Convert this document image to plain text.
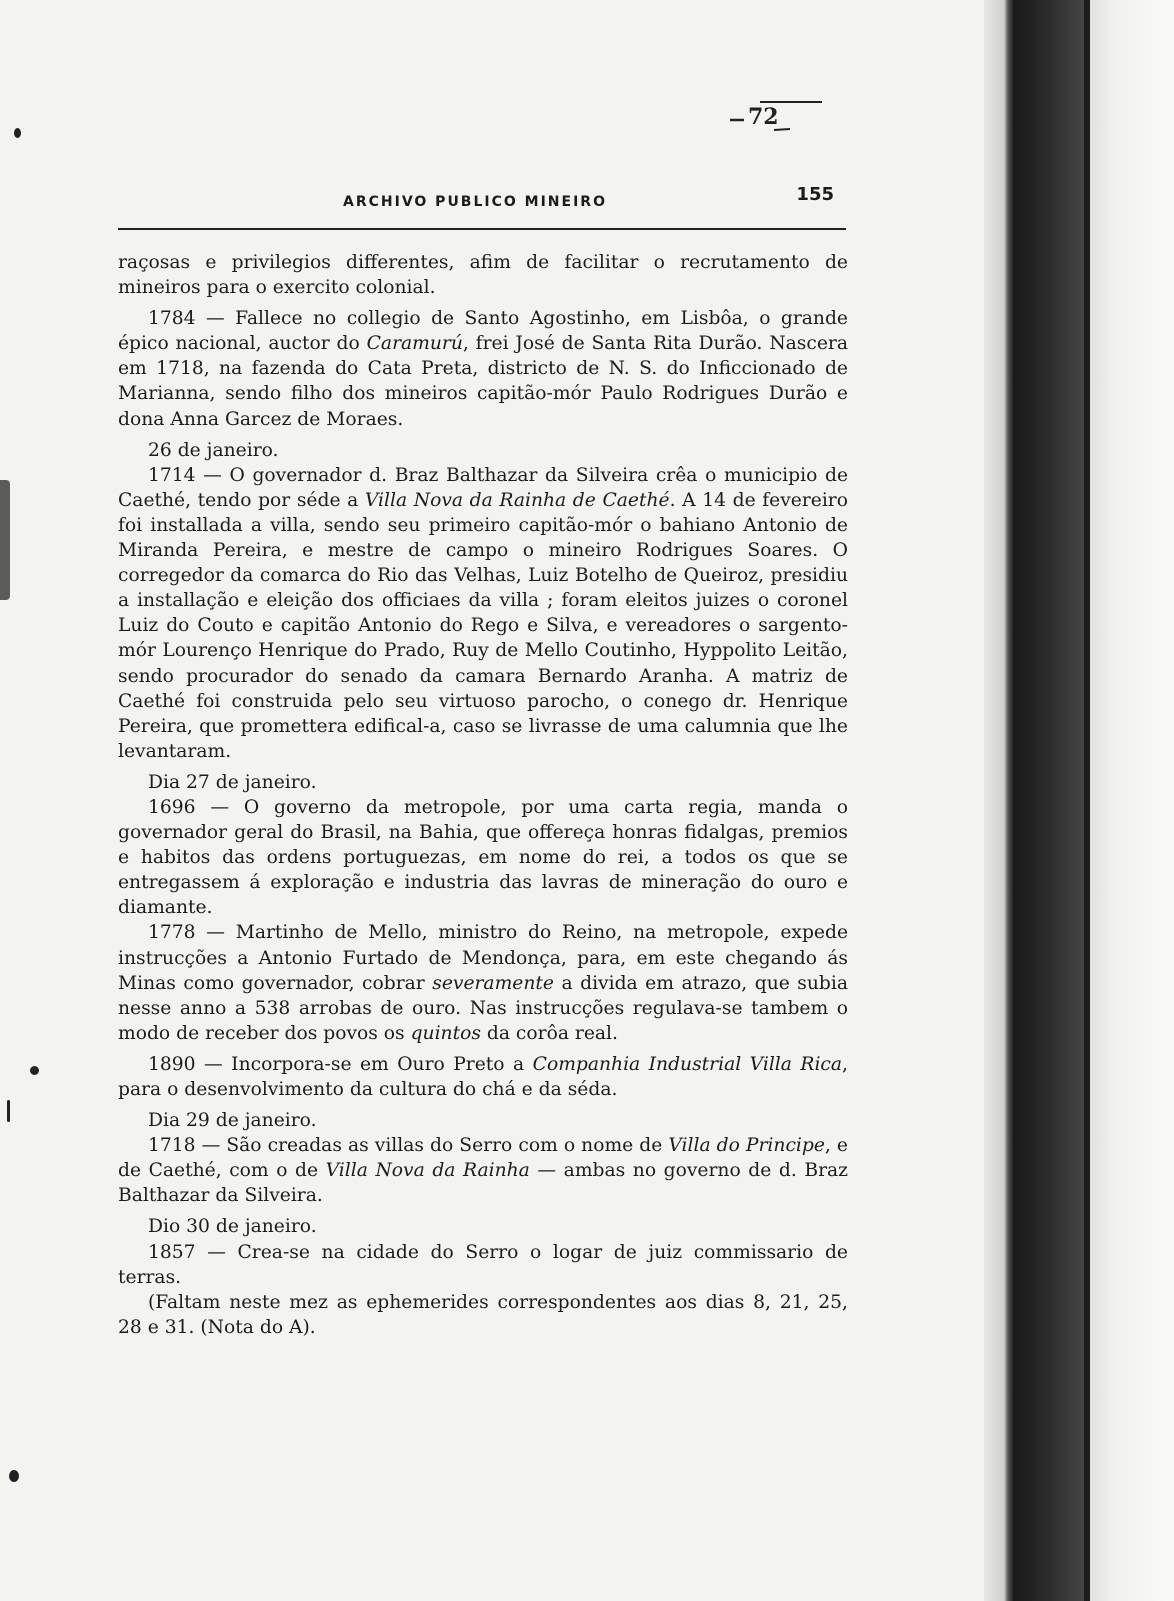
72
ARCHIVO PUBLICO MINEIRO	155

raçosas e privilegios differentes, afim de facilitar o recrutamento de mineiros para o exercito colonial.

1784 — Fallece no collegio de Santo Agostinho, em Lisbôa, o grande épico nacional, auctor do Caramurú, frei José de Santa Rita Durão. Nascera em 1718, na fazenda do Cata Preta, districto de N. S. do Inficcionado de Marianna, sendo filho dos mineiros capitão-mór Paulo Rodrigues Durão e dona Anna Garcez de Moraes.

26 de janeiro.

1714 — O governador d. Braz Balthazar da Silveira crêa o municipio de Caethé, tendo por séde a Villa Nova da Rainha de Caethé. A 14 de fevereiro foi installada a villa, sendo seu primeiro capitão-mór o bahiano Antonio de Miranda Pereira, e mestre de campo o mineiro Rodrigues Soares. O corregedor da comarca do Rio das Velhas, Luiz Botelho de Queiroz, presidiu a installação e eleição dos officiaes da villa ; foram eleitos juizes o coronel Luiz do Couto e capitão Antonio do Rego e Silva, e vereadores o sargento-mór Lourenço Henrique do Prado, Ruy de Mello Coutinho, Hyppolito Leitão, sendo procurador do senado da camara Bernardo Aranha. A matriz de Caethé foi construida pelo seu virtuoso parocho, o conego dr. Henrique Pereira, que promettera edifical-a, caso se livrasse de uma calumnia que lhe levantaram.

Dia 27 de janeiro.

1696 — O governo da metropole, por uma carta regia, manda o governador geral do Brasil, na Bahia, que offereça honras fidalgas, premios e habitos das ordens portuguezas, em nome do rei, a todos os que se entregassem á exploração e industria das lavras de mineração do ouro e diamante.

1778 — Martinho de Mello, ministro do Reino, na metropole, expede instrucções a Antonio Furtado de Mendonça, para, em este chegando ás Minas como governador, cobrar severamente a divida em atrazo, que subia nesse anno a 538 arrobas de ouro. Nas instrucções regulava-se tambem o modo de receber dos povos os quintos da corôa real.

1890 — Incorpora-se em Ouro Preto a Companhia Industrial Villa Rica, para o desenvolvimento da cultura do chá e da séda.

Dia 29 de janeiro.

1718 — São creadas as villas do Serro com o nome de Villa do Principe, e de Caethé, com o de Villa Nova da Rainha — ambas no governo de d. Braz Balthazar da Silveira.

Dio 30 de janeiro.

1857 — Crea-se na cidade do Serro o logar de juiz commissario de terras.

(Faltam neste mez as ephemerides correspondentes aos dias 8, 21, 25, 28 e 31. (Nota do A).
